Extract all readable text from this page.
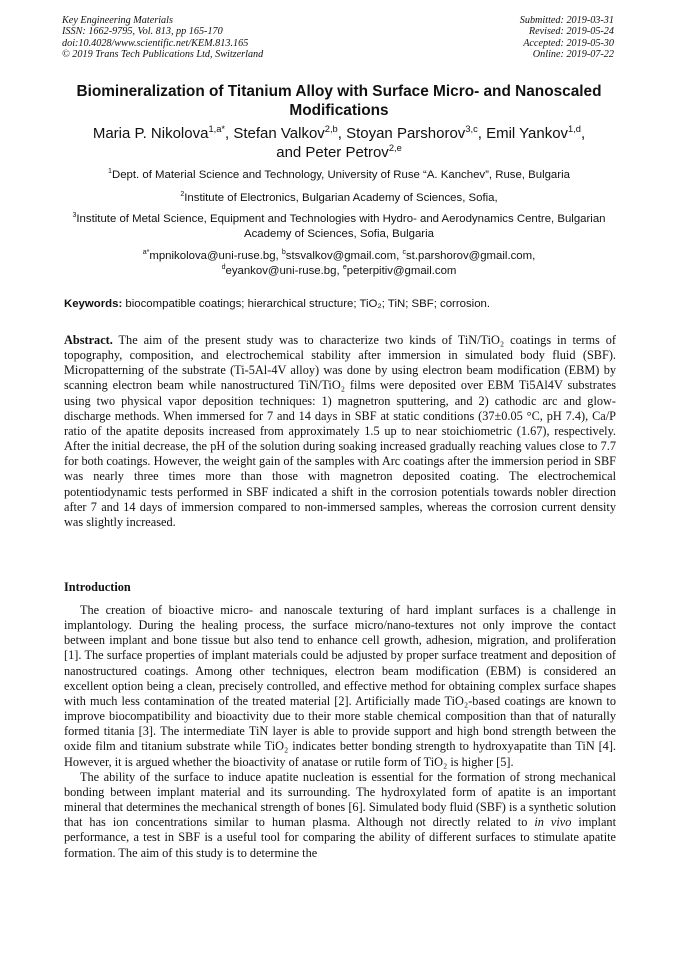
Key Engineering Materials
ISSN: 1662-9795, Vol. 813, pp 165-170
doi:10.4028/www.scientific.net/KEM.813.165
© 2019 Trans Tech Publications Ltd, Switzerland
Submitted: 2019-03-31
Revised: 2019-05-24
Accepted: 2019-05-30
Online: 2019-07-22
Biomineralization of Titanium Alloy with Surface Micro- and Nanoscaled Modifications
Maria P. Nikolova$^{1,a*}$, Stefan Valkov$^{2,b}$, Stoyan Parshorov$^{3,c}$, Emil Yankov$^{1,d}$,
and Peter Petrov$^{2,e}$
$^1$Dept. of Material Science and Technology, University of Ruse “A. Kanchev”, Ruse, Bulgaria
$^2$Institute of Electronics, Bulgarian Academy of Sciences, Sofia,
$^3$Institute of Metal Science, Equipment and Technologies with Hydro- and Aerodynamics Centre, Bulgarian Academy of Sciences, Sofia, Bulgaria
$^{a*}$mpnikolova@uni-ruse.bg, $^b$stsvalkov@gmail.com, $^c$st.parshorov@gmail.com,
$^d$eyankov@uni-ruse.bg, $^e$peterpitiv@gmail.com
Keywords: biocompatible coatings; hierarchical structure; TiO₂; TiN; SBF; corrosion.
Abstract. The aim of the present study was to characterize two kinds of TiN/TiO₂ coatings in terms of topography, composition, and electrochemical stability after immersion in simulated body fluid (SBF). Micropatterning of the substrate (Ti-5Al-4V alloy) was done by using electron beam modification (EBM) by scanning electron beam while nanostructured TiN/TiO₂ films were deposited over EBM Ti5Al4V substrates using two physical vapor deposition techniques: 1) magnetron sputtering, and 2) cathodic arc and glow-discharge methods. When immersed for 7 and 14 days in SBF at static conditions (37±0.05 °C, pH 7.4), Ca/P ratio of the apatite deposits increased from approximately 1.5 up to near stoichiometric (1.67), respectively. After the initial decrease, the pH of the solution during soaking increased gradually reaching values close to 7.7 for both coatings. However, the weight gain of the samples with Arc coatings after the immersion period in SBF was nearly three times more than those with magnetron deposited coating. The electrochemical potentiodynamic tests performed in SBF indicated a shift in the corrosion potentials towards nobler direction after 7 and 14 days of immersion compared to non-immersed samples, whereas the corrosion current density was slightly increased.
Introduction

The creation of bioactive micro- and nanoscale texturing of hard implant surfaces is a challenge in implantology. During the healing process, the surface micro/nano-textures not only improve the contact between implant and bone tissue but also tend to enhance cell growth, adhesion, migration, and proliferation [1]. The surface properties of implant materials could be adjusted by proper surface treatment and deposition of nanostructured coatings. Among other techniques, electron beam modification (EBM) is considered an excellent option being a clean, precisely controlled, and effective method for obtaining complex surface shapes with much less contamination of the treated material [2]. Artificially made TiO₂-based coatings are known to improve biocompatibility and bioactivity due to their more stable chemical composition than that of naturally formed titania [3]. The intermediate TiN layer is able to provide support and high bond strength between the oxide film and titanium substrate while TiO₂ indicates better bonding strength to hydroxyapatite than TiN [4]. However, it is argued whether the bioactivity of anatase or rutile form of TiO₂ is higher [5].

The ability of the surface to induce apatite nucleation is essential for the formation of strong mechanical bonding between implant material and its surrounding. The hydroxylated form of apatite is an important mineral that determines the mechanical strength of bones [6]. Simulated body fluid (SBF) is a synthetic solution that has ion concentrations similar to human plasma. Although not directly related to in vivo implant performance, a test in SBF is a useful tool for comparing the ability of different surfaces to stimulate apatite formation. The aim of this study is to determine the
